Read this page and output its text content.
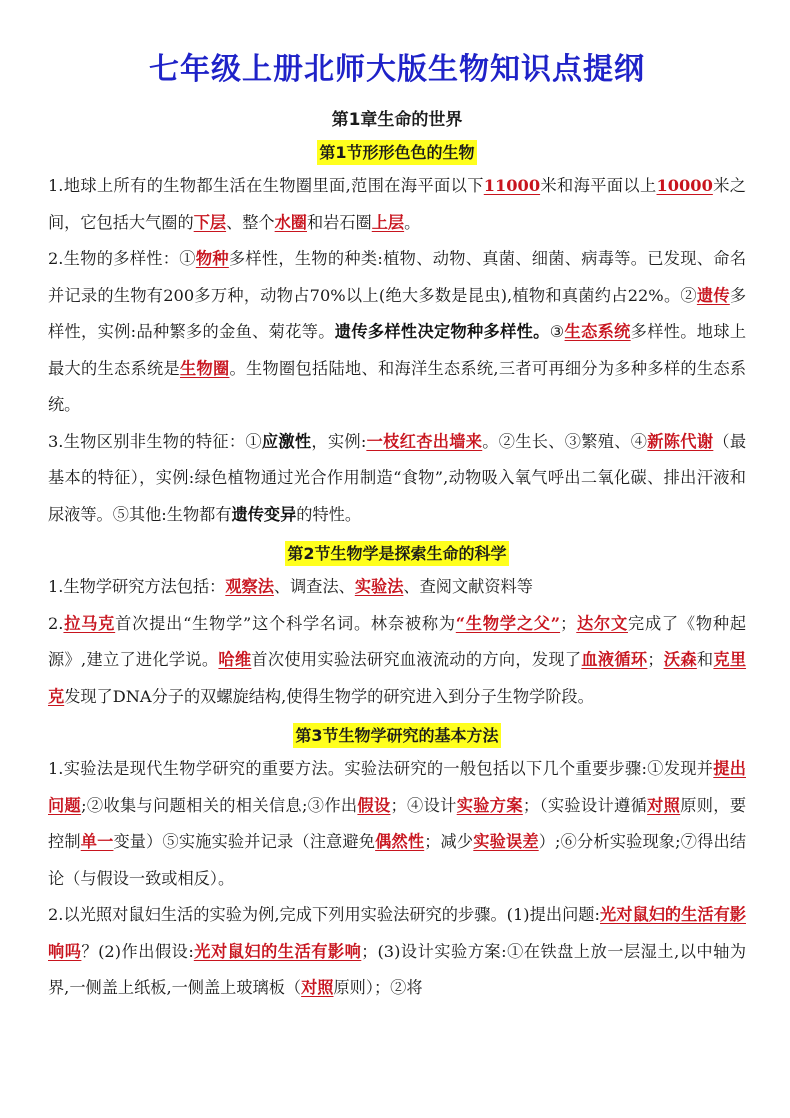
七年级上册北师大版生物知识点提纲
第1章生命的世界
第1节形形色色的生物

1.地球上所有的生物都生活在生物圈里面,范围在海平面以下11000米和海平面以上10000米之间，它包括大气圈的下层、整个水圈和岩石圈上层。

2.生物的多样性：①物种多样性，生物的种类:植物、动物、真菌、细菌、病毒等。已发现、命名并记录的生物有200多万种，动物占70%以上(绝大多数是昆虫),植物和真菌约占22%。②遗传多样性，实例:品种繁多的金鱼、菊花等。遗传多样性决定物种多样性。③生态系统多样性。地球上最大的生态系统是生物圈。生物圈包括陆地、和海洋生态系统,三者可再细分为多种多样的生态系统。

3.生物区别非生物的特征：①应激性，实例:一枝红杏出墙来。②生长、③繁殖、④新陈代谢（最基本的特征），实例:绿色植物通过光合作用制造“食物”,动物吸入氧气呼出二氧化碳、排出汗液和尿液等。⑤其他:生物都有遗传变异的特性。

第2节生物学是探索生命的科学

1.生物学研究方法包括：观察法、调查法、实验法、查阅文献资料等

2.拉马克首次提出“生物学”这个科学名词。林奈被称为“生物学之父”；达尔文完成了《物种起源》,建立了进化学说。哈维首次使用实验法研究血液流动的方向，发现了血液循环；沃森和克里克发现了DNA分子的双螺旋结构,使得生物学的研究进入到分子生物学阶段。

第3节生物学研究的基本方法

1.实验法是现代生物学研究的重要方法。实验法研究的一般包括以下几个重要步骤:①发现并提出问题;②收集与问题相关的相关信息;③作出假设；④设计实验方案；（实验设计遵循对照原则，要控制单一变量）⑤实施实验并记录（注意避免偶然性；减少实验误差）;⑥分析实验现象;⑦得出结论（与假设一致或相反）。

2.以光照对鼠妇生活的实验为例,完成下列用实验法研究的步骤。(1)提出问题:光对鼠妇的生活有影响吗？(2)作出假设:光对鼠妇的生活有影响；(3)设计实验方案:①在铁盘上放一层湿土,以中轴为界,一侧盖上纸板,一侧盖上玻璃板（对照原则）；②将
